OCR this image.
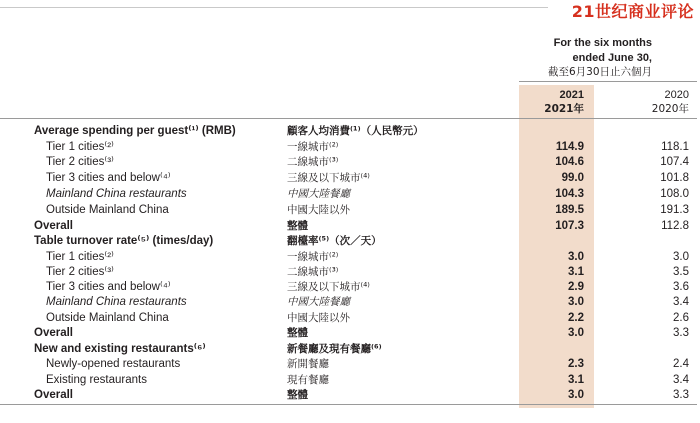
21世纪商业评论
For the six months
ended June 30,
截至6月30日止六個月
2021
2021年
2020
2020年
Average spending per guest⁽¹⁾ (RMB)	顧客人均消費⁽¹⁾（人民幣元）
Tier 1 cities⁽²⁾	一線城市⁽²⁾	114.9	118.1
Tier 2 cities⁽³⁾	二線城市⁽³⁾	104.6	107.4
Tier 3 cities and below⁽⁴⁾	三線及以下城市⁽⁴⁾	99.0	101.8
Mainland China restaurants	中國大陸餐廳	104.3	108.0
Outside Mainland China	中國大陸以外	189.5	191.3
Overall	整體	107.3	112.8
Table turnover rate⁽⁵⁾ (times/day)	翻檯率⁽⁵⁾（次／天）
Tier 1 cities⁽²⁾	一線城市⁽²⁾	3.0	3.0
Tier 2 cities⁽³⁾	二線城市⁽³⁾	3.1	3.5
Tier 3 cities and below⁽⁴⁾	三線及以下城市⁽⁴⁾	2.9	3.6
Mainland China restaurants	中國大陸餐廳	3.0	3.4
Outside Mainland China	中國大陸以外	2.2	2.6
Overall	整體	3.0	3.3
New and existing restaurants⁽⁶⁾	新餐廳及現有餐廳⁽⁶⁾
Newly-opened restaurants	新開餐廳	2.3	2.4
Existing restaurants	現有餐廳	3.1	3.4
Overall	整體	3.0	3.3
